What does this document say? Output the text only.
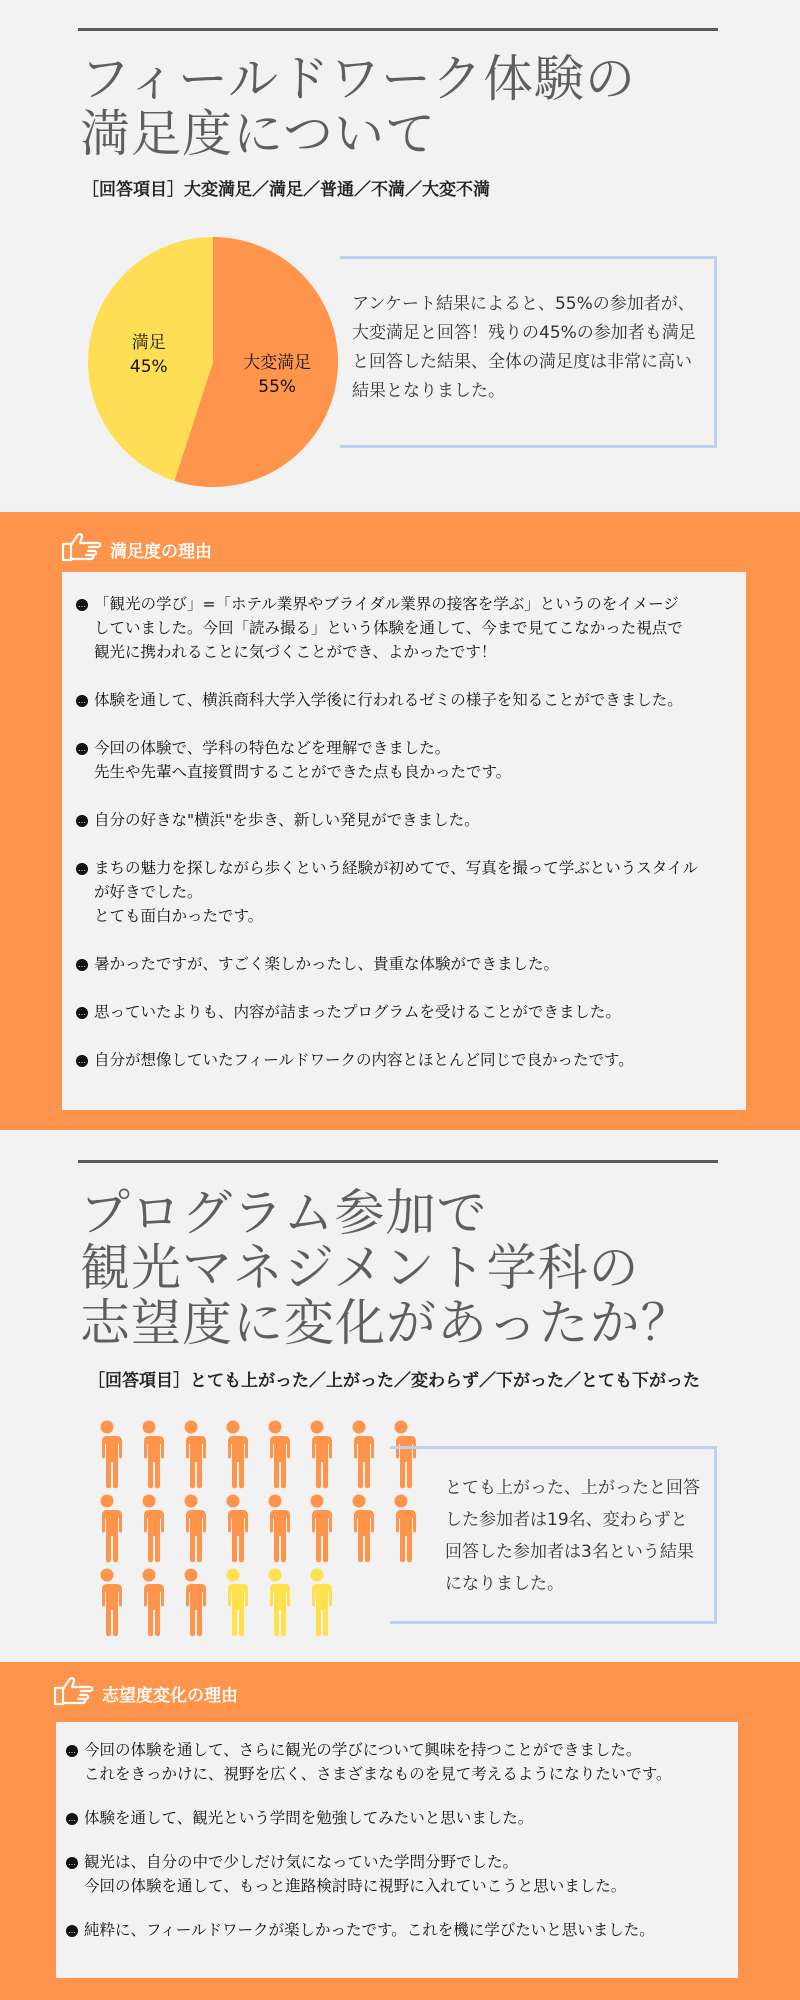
フィールドワーク体験の
満足度について
［回答項目］大変満足／満足／普通／不満／大変不満
大変満足
55%
満足
45%
アンケート結果によると、55%の参加者が、大変満足と回答！残りの45%の参加者も満足と回答した結果、全体の満足度は非常に高い結果となりました。
満足度の理由
… 「観光の学び」=「ホテル業界やブライダル業界の接客を学ぶ」というのをイメージ
していました。今回「読み撮る」という体験を通して、今まで見てこなかった視点で
観光に携われることに気づくことができ、よかったです！
… 体験を通して、横浜商科大学入学後に行われるゼミの様子を知ることができました。
… 今回の体験で、学科の特色などを理解できました。
先生や先輩へ直接質問することができた点も良かったです。
… 自分の好きな"横浜"を歩き、新しい発見ができました。
… まちの魅力を探しながら歩くという経験が初めてで、写真を撮って学ぶというスタイル
が好きでした。
とても面白かったです。
… 暑かったですが、すごく楽しかったし、貴重な体験ができました。
… 思っていたよりも、内容が詰まったプログラムを受けることができました。
… 自分が想像していたフィールドワークの内容とほとんど同じで良かったです。
プログラム参加で
観光マネジメント学科の
志望度に変化があったか？
［回答項目］とても上がった／上がった／変わらず／下がった／とても下がった
とても上がった、上がったと回答した参加者は19名、変わらずと回答した参加者は3名という結果になりました。
志望度変化の理由
… 今回の体験を通して、さらに観光の学びについて興味を持つことができました。
これをきっかけに、視野を広く、さまざまなものを見て考えるようになりたいです。
… 体験を通して、観光という学問を勉強してみたいと思いました。
… 観光は、自分の中で少しだけ気になっていた学問分野でした。
今回の体験を通して、もっと進路検討時に視野に入れていこうと思いました。
… 純粋に、フィールドワークが楽しかったです。これを機に学びたいと思いました。
